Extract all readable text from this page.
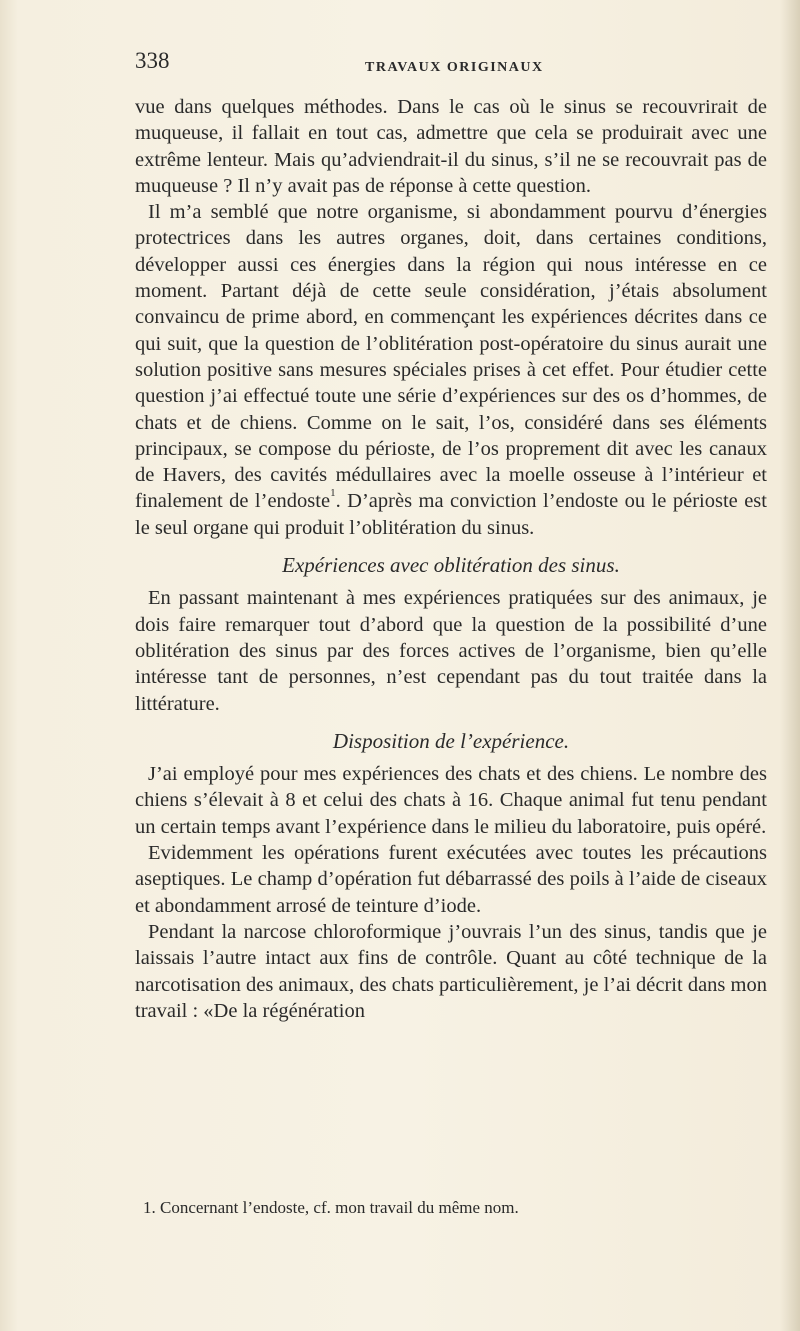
338	TRAVAUX ORIGINAUX

vue dans quelques méthodes. Dans le cas où le sinus se recouvrirait de muqueuse, il fallait en tout cas, admettre que cela se produirait avec une extrême lenteur. Mais qu’adviendrait-il du sinus, s’il ne se recouvrait pas de muqueuse ? Il n’y avait pas de réponse à cette question.

Il m’a semblé que notre organisme, si abondamment pourvu d’énergies protectrices dans les autres organes, doit, dans certaines conditions, développer aussi ces énergies dans la région qui nous intéresse en ce moment. Partant déjà de cette seule considération, j’étais absolument convaincu de prime abord, en commençant les expériences décrites dans ce qui suit, que la question de l’oblitération post-opératoire du sinus aurait une solution positive sans mesures spéciales prises à cet effet. Pour étudier cette question j’ai effectué toute une série d’expériences sur des os d’hommes, de chats et de chiens. Comme on le sait, l’os, considéré dans ses éléments principaux, se compose du périoste, de l’os proprement dit avec les canaux de Havers, des cavités médullaires avec la moelle osseuse à l’intérieur et finalement de l’endoste$^1$. D’après ma conviction l’endoste ou le périoste est le seul organe qui produit l’oblitération du sinus.

Expériences avec oblitération des sinus.

En passant maintenant à mes expériences pratiquées sur des animaux, je dois faire remarquer tout d’abord que la question de la possibilité d’une oblitération des sinus par des forces actives de l’organisme, bien qu’elle intéresse tant de personnes, n’est cependant pas du tout traitée dans la littérature.

Disposition de l’expérience.

J’ai employé pour mes expériences des chats et des chiens. Le nombre des chiens s’élevait à 8 et celui des chats à 16. Chaque animal fut tenu pendant un certain temps avant l’expérience dans le milieu du laboratoire, puis opéré.

Evidemment les opérations furent exécutées avec toutes les précautions aseptiques. Le champ d’opération fut débarrassé des poils à l’aide de ciseaux et abondamment arrosé de teinture d’iode.

Pendant la narcose chloroformique j’ouvrais l’un des sinus, tandis que je laissais l’autre intact aux fins de contrôle. Quant au côté technique de la narcotisation des animaux, des chats particulièrement, je l’ai décrit dans mon travail : «De la régénération

1. Concernant l’endoste, cf. mon travail du même nom.
